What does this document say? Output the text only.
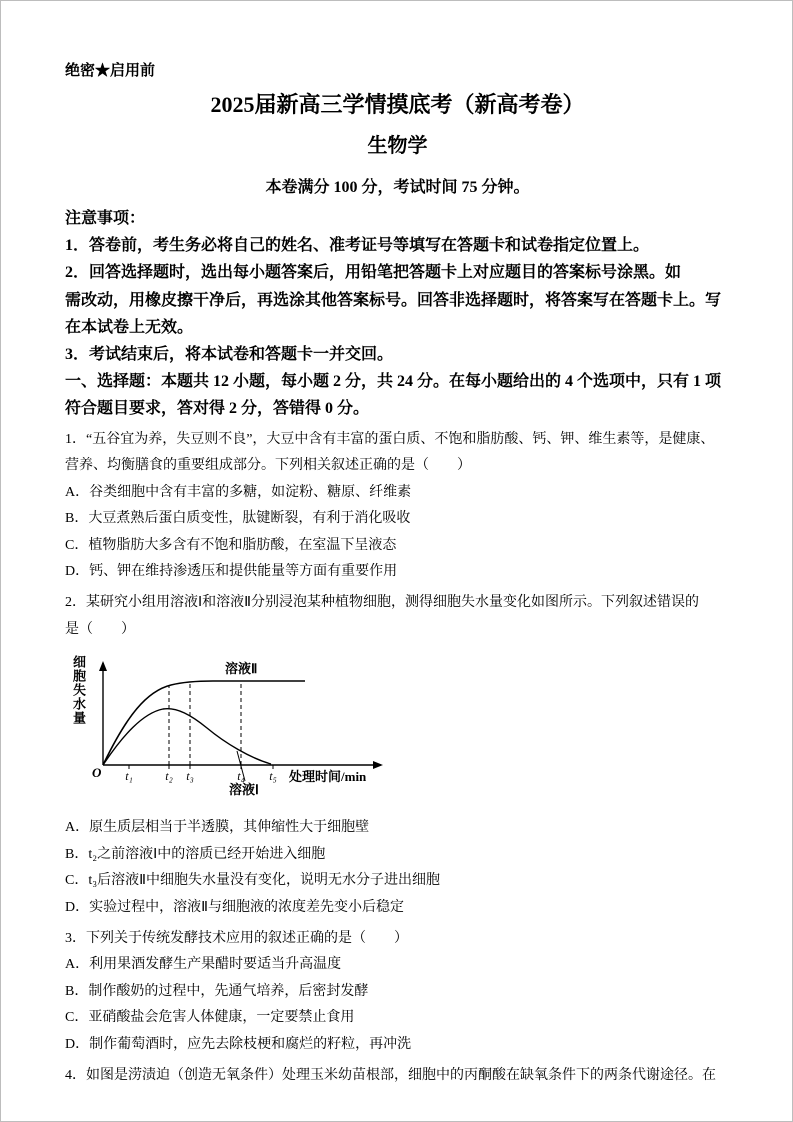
绝密★启用前
2025届新高三学情摸底考（新高考卷）
生物学
本卷满分 100 分，考试时间 75 分钟。
注意事项：
1．答卷前，考生务必将自己的姓名、准考证号等填写在答题卡和试卷指定位置上。
2．回答选择题时，选出每小题答案后，用铅笔把答题卡上对应题目的答案标号涂黑。如
需改动，用橡皮擦干净后，再选涂其他答案标号。回答非选择题时，将答案写在答题卡上。写
在本试卷上无效。
3．考试结束后，将本试卷和答题卡一并交回。
一、选择题：本题共 12 小题，每小题 2 分，共 24 分。在每小题给出的 4 个选项中，只有 1 项
符合题目要求，答对得 2 分，答错得 0 分。
1．“五谷宜为养，失豆则不良”，大豆中含有丰富的蛋白质、不饱和脂肪酸、钙、钾、维生素等，是健康、
营养、均衡膳食的重要组成部分。下列相关叙述正确的是（　　）
A．谷类细胞中含有丰富的多糖，如淀粉、糖原、纤维素
B．大豆煮熟后蛋白质变性，肽键断裂，有利于消化吸收
C．植物脂肪大多含有不饱和脂肪酸，在室温下呈液态
D．钙、钾在维持渗透压和提供能量等方面有重要作用
2．某研究小组用溶液Ⅰ和溶液Ⅱ分别浸泡某种植物细胞，测得细胞失水量变化如图所示。下列叙述错误的
是（　　）
细胞失水量
O t₁	t₂ t₃	t₄ t₅ 处理时间/min
溶液Ⅱ
溶液Ⅰ
A．原生质层相当于半透膜，其伸缩性大于细胞壁
B．t₂之前溶液Ⅰ中的溶质已经开始进入细胞
C．t₃后溶液Ⅱ中细胞失水量没有变化，说明无水分子进出细胞
D．实验过程中，溶液Ⅱ与细胞液的浓度差先变小后稳定
3．下列关于传统发酵技术应用的叙述正确的是（　　）
A．利用果酒发酵生产果醋时要适当升高温度
B．制作酸奶的过程中，先通气培养，后密封发酵
C．亚硝酸盐会危害人体健康，一定要禁止食用
D．制作葡萄酒时，应先去除枝梗和腐烂的籽粒，再冲洗
4．如图是涝渍迫（创造无氧条件）处理玉米幼苗根部，细胞中的丙酮酸在缺氧条件下的两条代谢途径。在
